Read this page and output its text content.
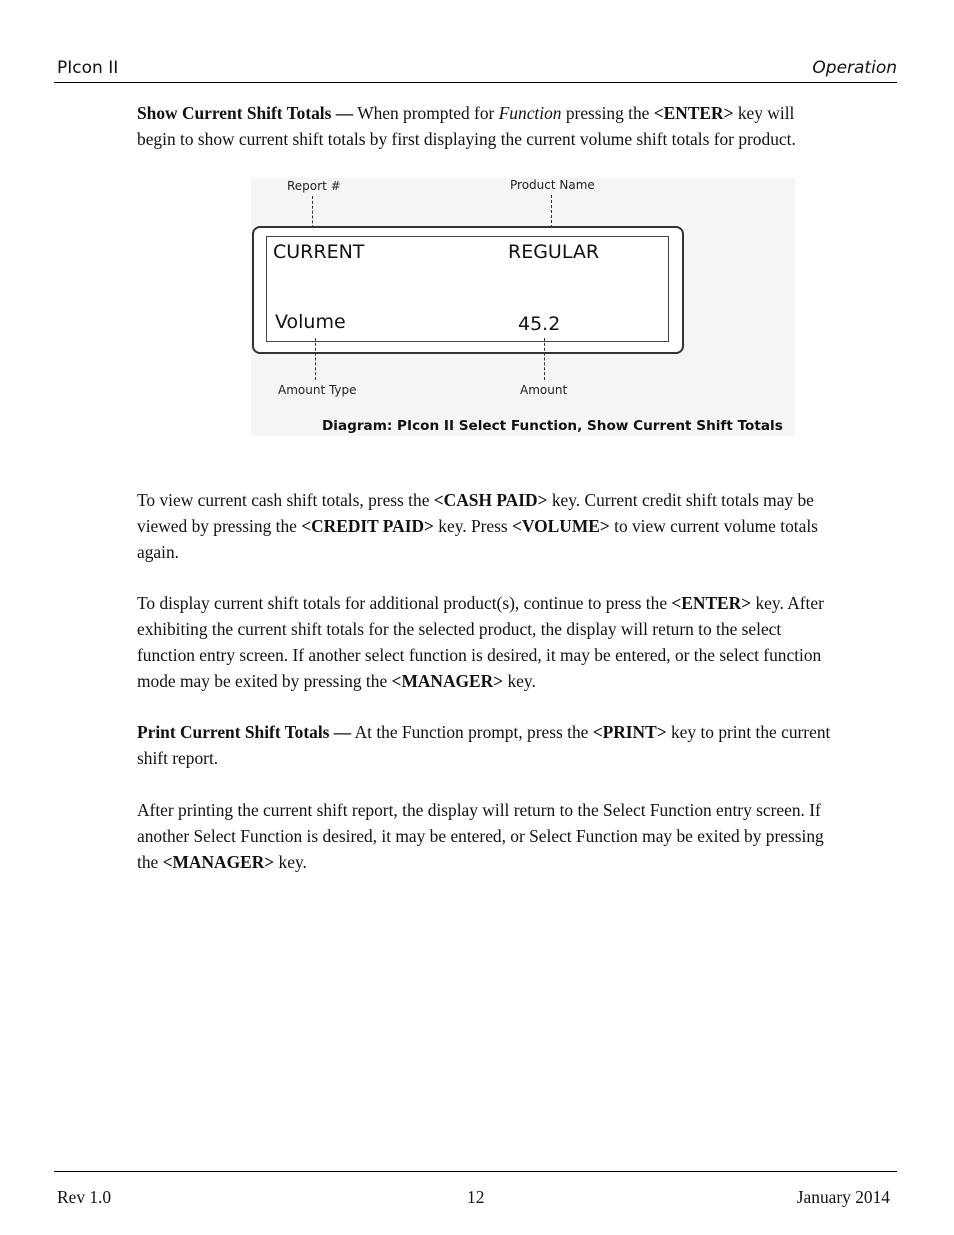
PIcon II	Operation

Show Current Shift Totals — When prompted for Function pressing the <ENTER> key will begin to show current shift totals by first displaying the current volume shift totals for product.

Report #	Product Name
CURRENT	REGULAR
Volume	45.2
Amount Type	Amount
Diagram: PIcon II Select Function, Show Current Shift Totals

To view current cash shift totals, press the <CASH PAID> key. Current credit shift totals may be viewed by pressing the <CREDIT PAID> key. Press <VOLUME> to view current volume totals again.

To display current shift totals for additional product(s), continue to press the <ENTER> key. After exhibiting the current shift totals for the selected product, the display will return to the select function entry screen. If another select function is desired, it may be entered, or the select function mode may be exited by pressing the <MANAGER> key.

Print Current Shift Totals — At the Function prompt, press the <PRINT> key to print the current shift report.

After printing the current shift report, the display will return to the Select Function entry screen. If another Select Function is desired, it may be entered, or Select Function may be exited by pressing the <MANAGER> key.

Rev 1.0	12	January 2014
